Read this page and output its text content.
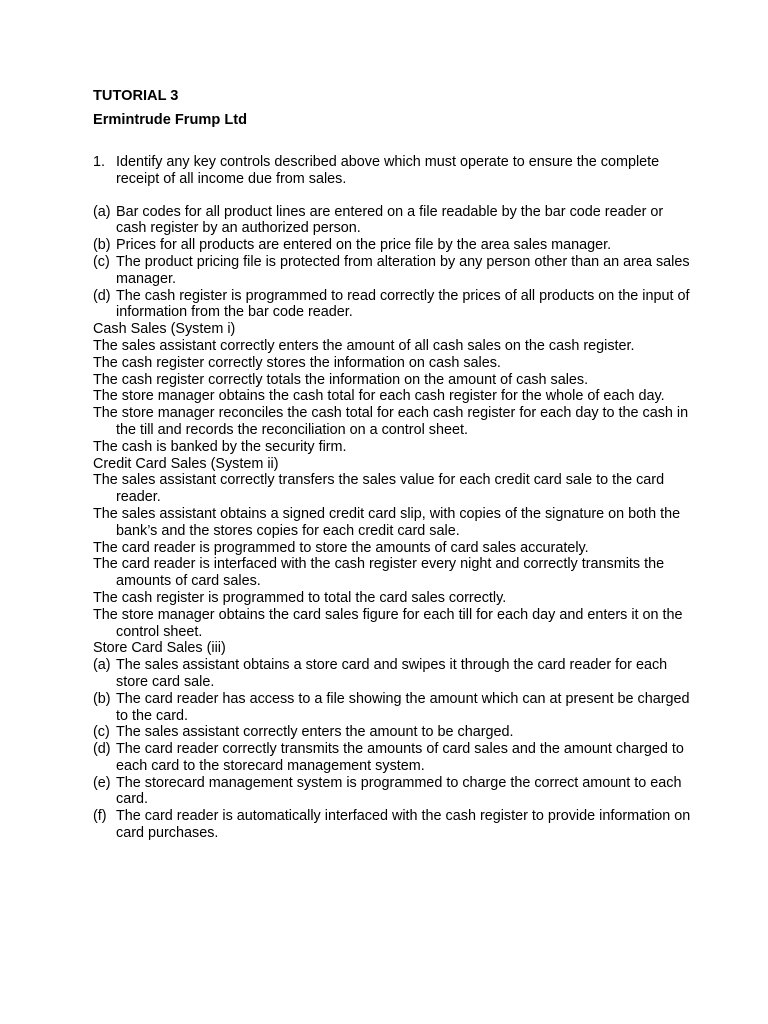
TUTORIAL 3

Ermintrude Frump Ltd

1. Identify any key controls described above which must operate to ensure the complete receipt of all income due from sales.
(a) Bar codes for all product lines are entered on a file readable by the bar code reader or cash register by an authorized person.
(b) Prices for all products are entered on the price file by the area sales manager.
(c) The product pricing file is protected from alteration by any person other than an area sales manager.
(d) The cash register is programmed to read correctly the prices of all products on the input of information from the bar code reader.

Cash Sales (System i)

The sales assistant correctly enters the amount of all cash sales on the cash register.
The cash register correctly stores the information on cash sales.
The cash register correctly totals the information on the amount of cash sales.
The store manager obtains the cash total for each cash register for the whole of each day.
The store manager reconciles the cash total for each cash register for each day to the cash in the till and records the reconciliation on a control sheet.
The cash is banked by the security firm.

Credit Card Sales (System ii)

The sales assistant correctly transfers the sales value for each credit card sale to the card reader.
The sales assistant obtains a signed credit card slip, with copies of the signature on both the bank’s and the stores copies for each credit card sale.
The card reader is programmed to store the amounts of card sales accurately.
The card reader is interfaced with the cash register every night and correctly transmits the amounts of card sales.
The cash register is programmed to total the card sales correctly.
The store manager obtains the card sales figure for each till for each day and enters it on the control sheet.

Store Card Sales (iii)

(a) The sales assistant obtains a store card and swipes it through the card reader for each store card sale.
(b) The card reader has access to a file showing the amount which can at present be charged to the card.
(c) The sales assistant correctly enters the amount to be charged.
(d) The card reader correctly transmits the amounts of card sales and the amount charged to each card to the storecard management system.
(e) The storecard management system is programmed to charge the correct amount to each card.
(f) The card reader is automatically interfaced with the cash register to provide information on card purchases.
